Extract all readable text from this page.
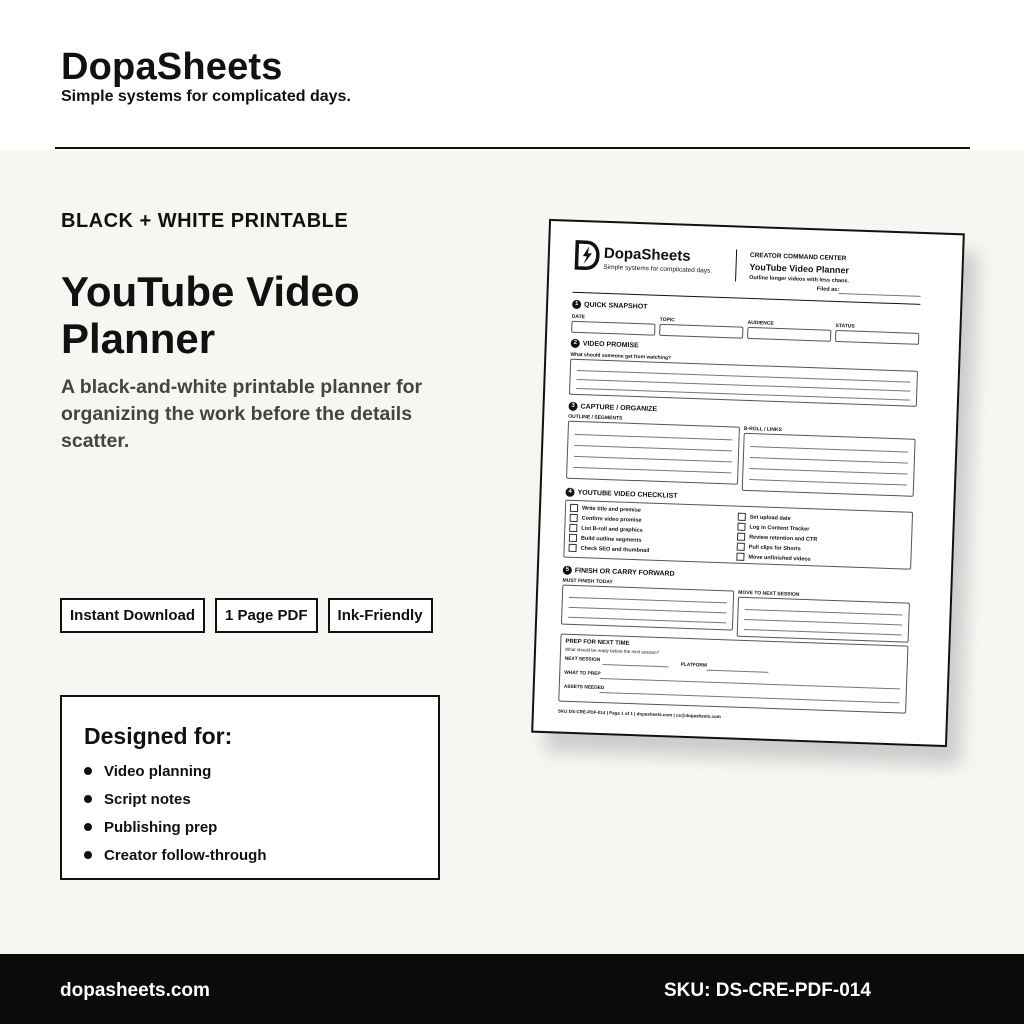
DopaSheets
Simple systems for complicated days.
BLACK + WHITE PRINTABLE
YouTube Video Planner
A black-and-white printable planner for organizing the work before the details scatter.
Instant Download	1 Page PDF	Ink-Friendly
Designed for:
Video planning
Script notes
Publishing prep
Creator follow-through
DopaSheets
Simple systems for complicated days.
CREATOR COMMAND CENTER
YouTube Video Planner
Outline longer videos with less chaos.
Filed as:
1 QUICK SNAPSHOT
DATE	TOPIC	AUDIENCE	STATUS
2 VIDEO PROMISE
What should someone get from watching?
3 CAPTURE / ORGANIZE
OUTLINE / SEGMENTS
B-ROLL / LINKS
4 YOUTUBE VIDEO CHECKLIST
Write title and premise
Confirm video promise
List B-roll and graphics
Build outline segments
Check SEO and thumbnail
Set upload date
Log in Content Tracker
Review retention and CTR
Pull clips for Shorts
Move unfinished videos
5 FINISH OR CARRY FORWARD
MUST FINISH TODAY
MOVE TO NEXT SESSION
PREP FOR NEXT TIME
What should be ready before the next session?
NEXT SESSION
PLATFORM
WHAT TO PREP
ASSETS NEEDED
SKU DS-CRE-PDF-014 | Page 1 of 1 | dopasheets.com | cs@dopasheets.com
dopasheets.com	SKU: DS-CRE-PDF-014
